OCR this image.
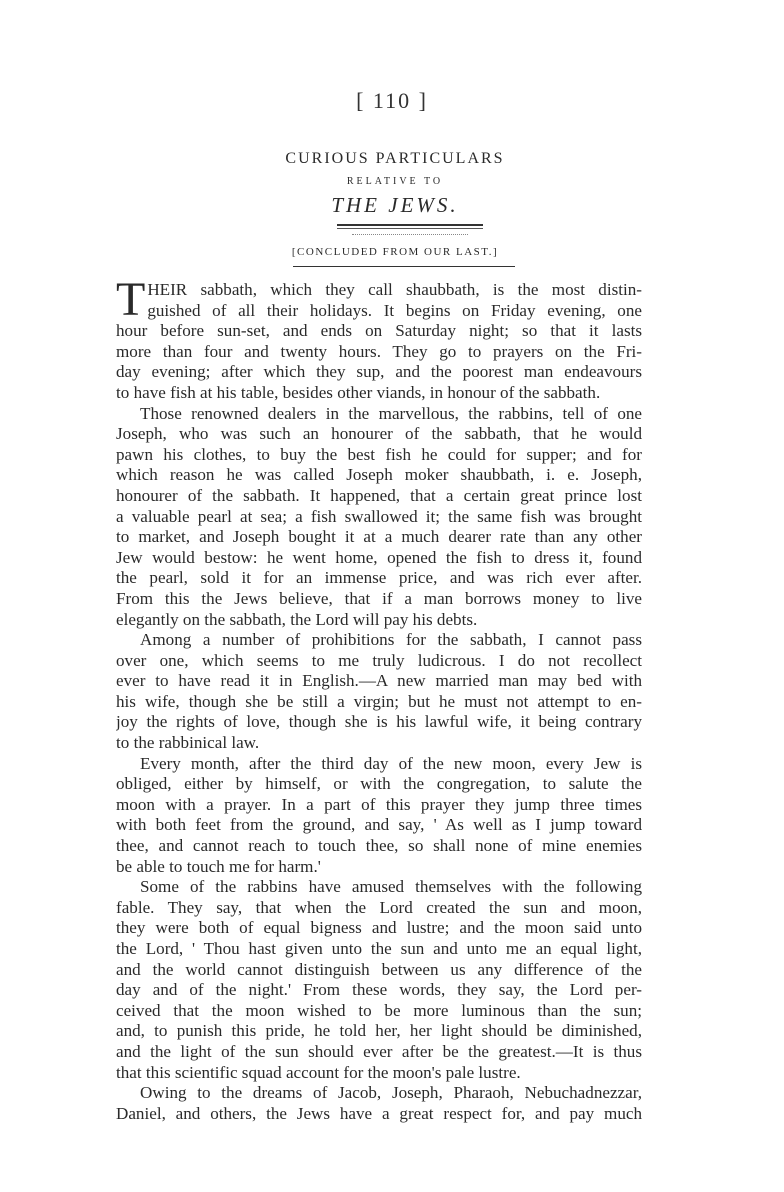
[ 110 ]
CURIOUS PARTICULARS
RELATIVE TO
THE JEWS.
[CONCLUDED FROM OUR LAST.]
T HEIR sabbath, which they call shaubbath, is the most distin-
guished of all their holidays. It begins on Friday evening, one
hour before sun-set, and ends on Saturday night; so that it lasts
more than four and twenty hours. They go to prayers on the Fri-
day evening; after which they sup, and the poorest man endeavours
to have fish at his table, besides other viands, in honour of the sabbath.
Those renowned dealers in the marvellous, the rabbins, tell of one
Joseph, who was such an honourer of the sabbath, that he would
pawn his clothes, to buy the best fish he could for supper; and for
which reason he was called Joseph moker shaubbath, i. e. Joseph,
honourer of the sabbath. It happened, that a certain great prince lost
a valuable pearl at sea; a fish swallowed it; the same fish was brought
to market, and Joseph bought it at a much dearer rate than any other
Jew would bestow: he went home, opened the fish to dress it, found
the pearl, sold it for an immense price, and was rich ever after.
From this the Jews believe, that if a man borrows money to live
elegantly on the sabbath, the Lord will pay his debts.
Among a number of prohibitions for the sabbath, I cannot pass
over one, which seems to me truly ludicrous. I do not recollect
ever to have read it in English.—A new married man may bed with
his wife, though she be still a virgin; but he must not attempt to en-
joy the rights of love, though she is his lawful wife, it being contrary
to the rabbinical law.
Every month, after the third day of the new moon, every Jew is
obliged, either by himself, or with the congregation, to salute the
moon with a prayer. In a part of this prayer they jump three times
with both feet from the ground, and say, ' As well as I jump toward
thee, and cannot reach to touch thee, so shall none of mine enemies
be able to touch me for harm.'
Some of the rabbins have amused themselves with the following
fable. They say, that when the Lord created the sun and moon,
they were both of equal bigness and lustre; and the moon said unto
the Lord, ' Thou hast given unto the sun and unto me an equal light,
and the world cannot distinguish between us any difference of the
day and of the night.' From these words, they say, the Lord per-
ceived that the moon wished to be more luminous than the sun;
and, to punish this pride, he told her, her light should be diminished,
and the light of the sun should ever after be the greatest.—It is thus
that this scientific squad account for the moon's pale lustre.
Owing to the dreams of Jacob, Joseph, Pharaoh, Nebuchadnezzar,
Daniel, and others, the Jews have a great respect for, and pay much
